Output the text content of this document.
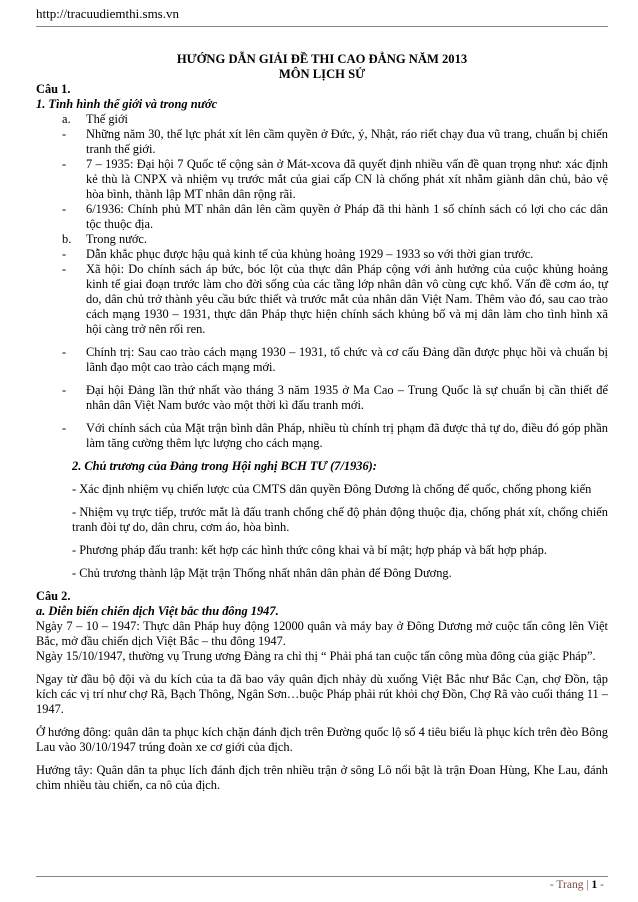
http://tracuudiemthi.sms.vn
HƯỚNG DẪN GIẢI ĐỀ THI CAO ĐẲNG NĂM 2013
MÔN LỊCH SỬ
Câu 1.
1. Tình hình thế giới và trong nước
a. Thế giới
- Những năm 30, thế lực phát xít lên cầm quyền ở Đức, ý, Nhật, ráo riết chạy đua vũ trang, chuẩn bị chiến tranh thế giới.
- 7 – 1935: Đại hội 7 Quốc tế cộng sản ở Mát-xcova đã quyết định nhiều vấn đề quan trọng như: xác định kẻ thù là CNPX và nhiệm vụ trước mắt của giai cấp CN là chống phát xít nhằm giành dân chủ, bảo vệ hòa bình, thành lập MT nhân dân rộng rãi.
- 6/1936: Chính phủ MT nhân dân lên cầm quyền ở Pháp đã thi hành 1 số chính sách có lợi cho các dân tộc thuộc địa.
b. Trong nước.
- Dẫn khắc phục được hậu quả kinh tế của khủng hoảng 1929 – 1933 so với thời gian trước.
- Xã hội: Do chính sách áp bức, bóc lột của thực dân Pháp cộng với ảnh hưởng của cuộc khủng hoảng kinh tế giai đoạn trước làm cho đời sống của các tầng lớp nhân dân vô cùng cực khổ. Vấn đề cơm áo, tự do, dân chủ trở thành yêu cầu bức thiết và trước mắt của nhân dân Việt Nam. Thêm vào đó, sau cao trào cách mạng 1930 – 1931, thực dân Pháp thực hiện chính sách khủng bố và mị dân làm cho tình hình xã hội càng trở nên rối ren.
- Chính trị: Sau cao trào cách mạng 1930 – 1931, tổ chức và cơ cấu Đảng dần được phục hồi và chuẩn bị lãnh đạo một cao trào cách mạng mới.
- Đại hội Đảng lần thứ nhất vào tháng 3 năm 1935 ở Ma Cao – Trung Quốc là sự chuẩn bị cần thiết để nhân dân Việt Nam bước vào một thời kì đấu tranh mới.
- Với chính sách của Mặt trận bình dân Pháp, nhiều tù chính trị phạm đã được thả tự do, điều đó góp phần làm tăng cường thêm lực lượng cho cách mạng.
2. Chủ trương của Đảng trong Hội nghị BCH TƯ (7/1936):
- Xác định nhiệm vụ chiến lược của CMTS dân quyền Đông Dương là chống đế quốc, chống phong kiến
- Nhiệm vụ trực tiếp, trước mắt là đấu tranh chống chế độ phản động thuộc địa, chống phát xít, chống chiến tranh đòi tự do, dân chru, cơm áo, hòa bình.
- Phương pháp đấu tranh: kết hợp các hình thức công khai và bí mật; hợp pháp và bất hợp pháp.
- Chủ trương thành lập Mặt trận Thống nhất nhân dân phản đế Đông Dương.
Câu 2.
a. Diễn biến chiến dịch Việt bắc thu đông 1947.
Ngày 7 – 10 – 1947: Thực dân Pháp huy động 12000 quân và máy bay ở Đông Dương mở cuộc tấn công lên Việt Bắc, mở đầu chiến dịch Việt Bắc – thu đông 1947.
Ngày 15/10/1947, thường vụ Trung ương Đảng ra chỉ thị “ Phải phá tan cuộc tấn công mùa đông của giặc Pháp”.
Ngay từ đầu bộ đội và du kích của ta đã bao vây quân địch nhảy dù xuống Việt Bắc như Bắc Cạn, chợ Đồn, tập kích các vị trí như chợ Rã, Bạch Thông, Ngân Sơn…buộc Pháp phải rút khỏi chợ Đồn, Chợ Rã vào cuối tháng 11 – 1947.
Ở hướng đông: quân dân ta phục kích chặn đánh địch trên Đường quốc lộ số 4 tiêu biểu là phục kích trên đèo Bông Lau vào 30/10/1947 trúng đoàn xe cơ giới của địch.
Hướng tây: Quân dân ta phục lích đánh địch trên nhiều trận ở sông Lô nổi bật là trận Đoan Hùng, Khe Lau, đánh chìm nhiều tàu chiến, ca nô của địch.
- Trang | 1 -
